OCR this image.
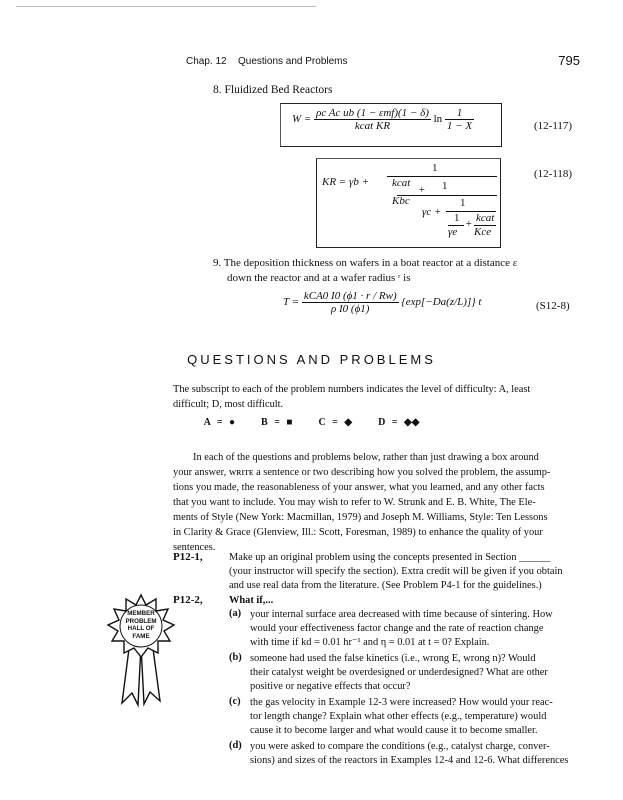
Chap. 12 Questions and Problems	795
8. Fluidized Bed Reactors
$W = \frac{\text{ρc Ac ub (1 − εmf)(1 − δ)}}{\text{kcat KR}}$ $\ln \frac{1}{1 - X}$	(12-117)
KR = γb +
1
kcat
+ 1
Kbc
γc +
1
1 + kcat
γe Kce
(12-118)
9. The deposition thickness on wafers in a boat reactor at a distance ɛ
down the reactor and at a wafer radius ʳ is
$T = \frac{\text{kCA0 I0 (ϕ1 · r / Rw)}}{\text{ρ I0 (ϕ1)}} \{\exp[-Da(z/L)]\}$ t	(S12-8)
QUESTIONS AND PROBLEMS
The subscript to each of the problem numbers indicates the level of difficulty: A, least
difficult; D, most difficult.
A = ●	B = ■	C = ◆	D = ◆◆
In each of the questions and problems below, rather than just drawing a box around
your answer, ᴡʀɪᴛᴇ a sentence or two describing how you solved the problem, the assump-
tions you made, the reasonableness of your answer, what you learned, and any other facts
that you want to include. You may wish to refer to W. Strunk and E. B. White, The Ele-
ments of Style (New York: Macmillan, 1979) and Joseph M. Williams, Style: Ten Lessons
in Clarity & Grace (Glenview, Ill.: Scott, Foresman, 1989) to enhance the quality of your
sentences.
P12-1,	Make up an original problem using the concepts presented in Section ______
(your instructor will specify the section). Extra credit will be given if you obtain
and use real data from the literature. (See Problem P4-1 for the guidelines.)
P12-2,	What if,...
(a) your internal surface area decreased with time because of sintering. How
would your effectiveness factor change and the rate of reaction change
with time if kd = 0.01 hr⁻¹ and η = 0.01 at t = 0? Explain.
(b) someone had used the false kinetics (i.e., wrong E, wrong n)? Would
their catalyst weight be overdesigned or underdesigned? What are other
positive or negative effects that occur?
(c) the gas velocity in Example 12-3 were increased? How would your reac-
tor length change? Explain what other effects (e.g., temperature) would
cause it to become larger and what would cause it to become smaller.
(d) you were asked to compare the conditions (e.g., catalyst charge, conver-
sions) and sizes of the reactors in Examples 12-4 and 12-6. What differences
MEMBER
PROBLEM
HALL OF
FAME
